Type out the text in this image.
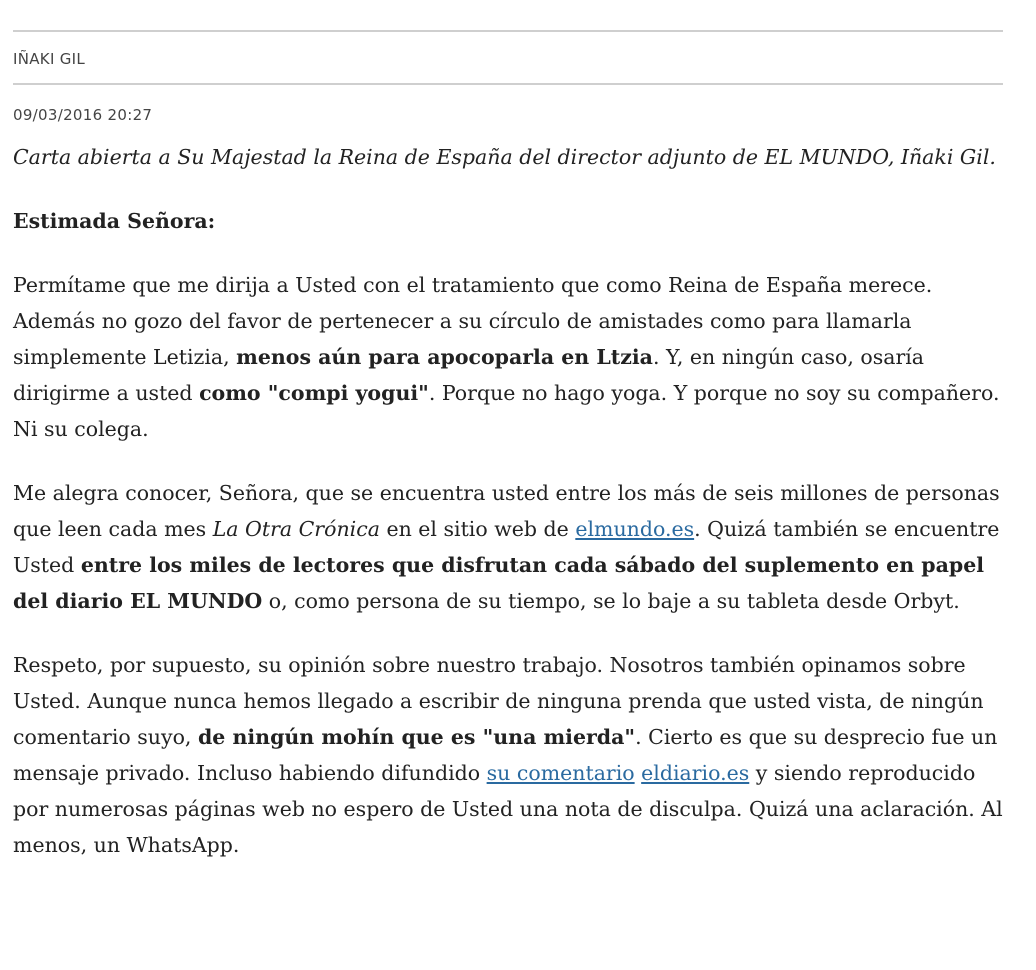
IÑAKI GIL
09/03/2016 20:27

Carta abierta a Su Majestad la Reina de España del director adjunto de EL MUNDO, Iñaki Gil.

Estimada Señora:

Permítame que me dirija a Usted con el tratamiento que como Reina de España merece. Además no gozo del favor de pertenecer a su círculo de amistades como para llamarla simplemente Letizia, menos aún para apocoparla en Ltzia. Y, en ningún caso, osaría dirigirme a usted como "compi yogui". Porque no hago yoga. Y porque no soy su compañero. Ni su colega.

Me alegra conocer, Señora, que se encuentra usted entre los más de seis millones de personas que leen cada mes La Otra Crónica en el sitio web de elmundo.es. Quizá también se encuentre Usted entre los miles de lectores que disfrutan cada sábado del suplemento en papel del diario EL MUNDO o, como persona de su tiempo, se lo baje a su tableta desde Orbyt.

Respeto, por supuesto, su opinión sobre nuestro trabajo. Nosotros también opinamos sobre Usted. Aunque nunca hemos llegado a escribir de ninguna prenda que usted vista, de ningún comentario suyo, de ningún mohín que es "una mierda". Cierto es que su desprecio fue un mensaje privado. Incluso habiendo difundido su comentario eldiario.es y siendo reproducido por numerosas páginas web no espero de Usted una nota de disculpa. Quizá una aclaración. Al menos, un WhatsApp.
